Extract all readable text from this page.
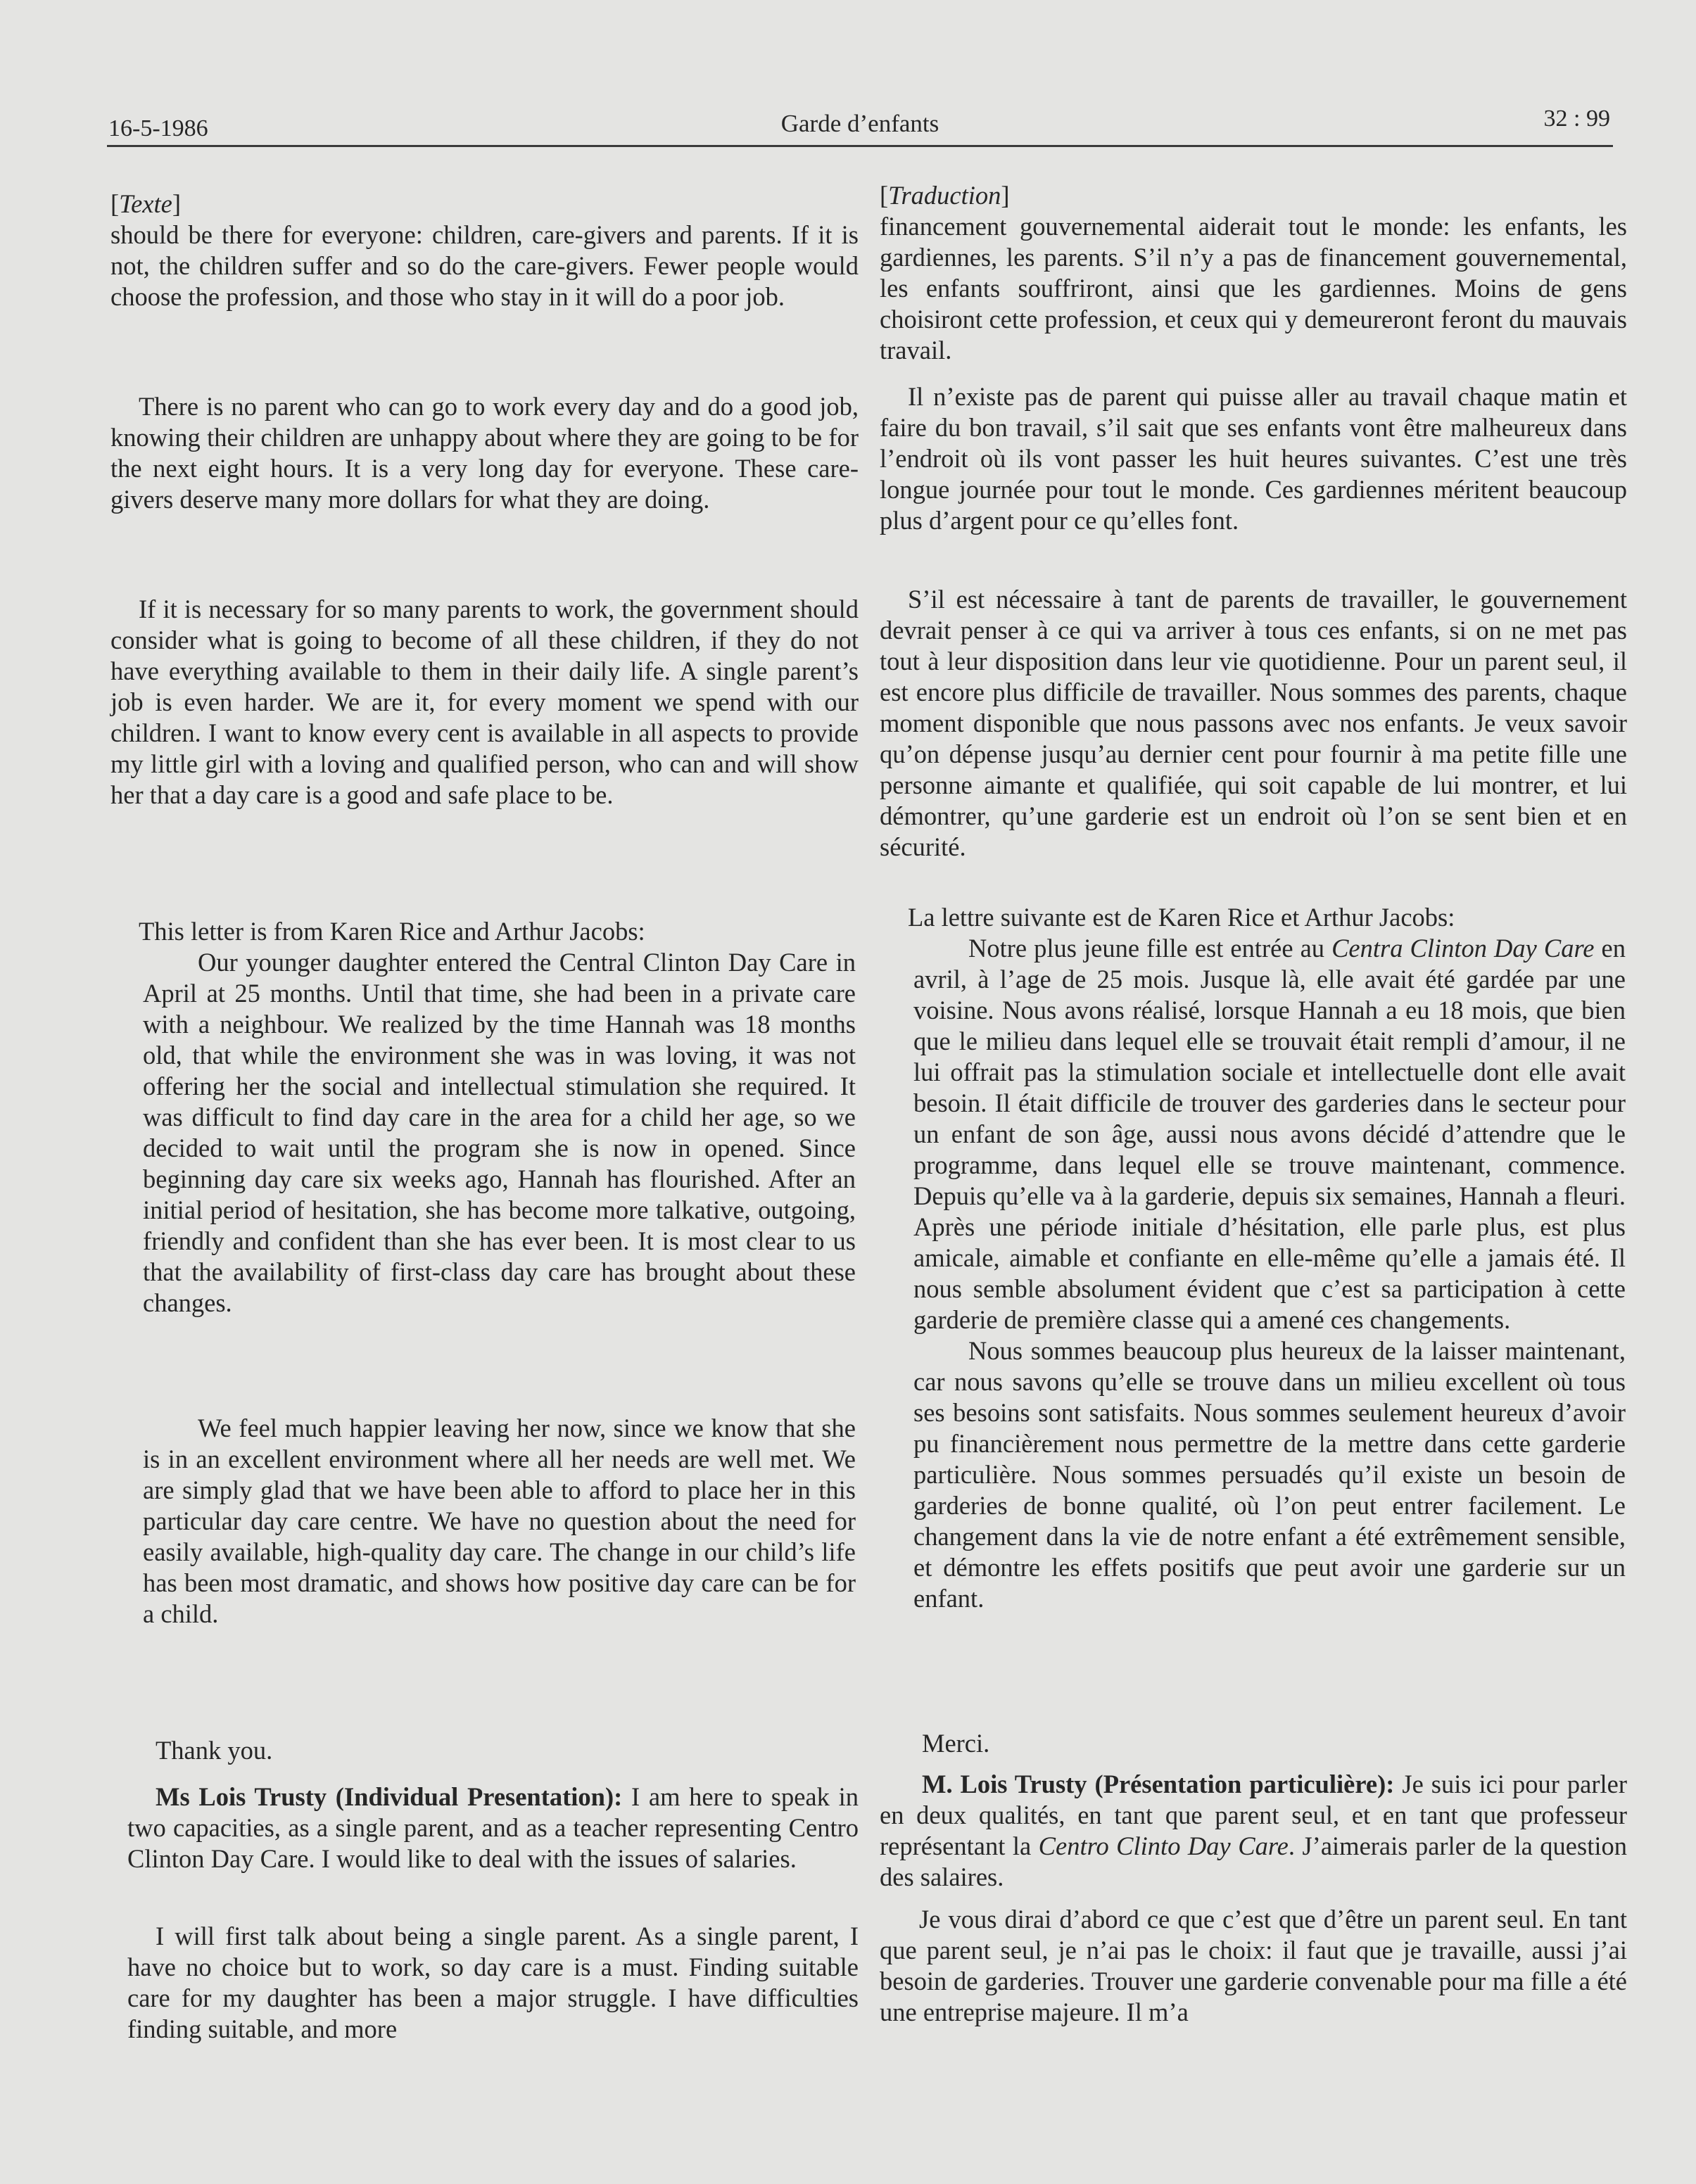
16-5-1986	Garde d’enfants	32 : 99
[Texte]

should be there for everyone: children, care-givers and parents. If it is not, the children suffer and so do the care-givers. Fewer people would choose the profession, and those who stay in it will do a poor job.

There is no parent who can go to work every day and do a good job, knowing their children are unhappy about where they are going to be for the next eight hours. It is a very long day for everyone. These care-givers deserve many more dollars for what they are doing.

If it is necessary for so many parents to work, the government should consider what is going to become of all these children, if they do not have everything available to them in their daily life. A single parent’s job is even harder. We are it, for every moment we spend with our children. I want to know every cent is available in all aspects to provide my little girl with a loving and qualified person, who can and will show her that a day care is a good and safe place to be.

This letter is from Karen Rice and Arthur Jacobs:

Our younger daughter entered the Central Clinton Day Care in April at 25 months. Until that time, she had been in a private care with a neighbour. We realized by the time Hannah was 18 months old, that while the environment she was in was loving, it was not offering her the social and intellectual stimulation she required. It was difficult to find day care in the area for a child her age, so we decided to wait until the program she is now in opened. Since beginning day care six weeks ago, Hannah has flourished. After an initial period of hesitation, she has become more talkative, outgoing, friendly and confident than she has ever been. It is most clear to us that the availability of first-class day care has brought about these changes.

We feel much happier leaving her now, since we know that she is in an excellent environment where all her needs are well met. We are simply glad that we have been able to afford to place her in this particular day care centre. We have no question about the need for easily available, high-quality day care. The change in our child’s life has been most dramatic, and shows how positive day care can be for a child.

Thank you.

Ms Lois Trusty (Individual Presentation): I am here to speak in two capacities, as a single parent, and as a teacher representing Centro Clinton Day Care. I would like to deal with the issues of salaries.

I will first talk about being a single parent. As a single parent, I have no choice but to work, so day care is a must. Finding suitable care for my daughter has been a major struggle. I have difficulties finding suitable, and more

[Traduction]

financement gouvernemental aiderait tout le monde: les enfants, les gardiennes, les parents. S’il n’y a pas de financement gouvernemental, les enfants souffriront, ainsi que les gardiennes. Moins de gens choisiront cette profession, et ceux qui y demeureront feront du mauvais travail.

Il n’existe pas de parent qui puisse aller au travail chaque matin et faire du bon travail, s’il sait que ses enfants vont être malheureux dans l’endroit où ils vont passer les huit heures suivantes. C’est une très longue journée pour tout le monde. Ces gardiennes méritent beaucoup plus d’argent pour ce qu’elles font.

S’il est nécessaire à tant de parents de travailler, le gouvernement devrait penser à ce qui va arriver à tous ces enfants, si on ne met pas tout à leur disposition dans leur vie quotidienne. Pour un parent seul, il est encore plus difficile de travailler. Nous sommes des parents, chaque moment disponible que nous passons avec nos enfants. Je veux savoir qu’on dépense jusqu’au dernier cent pour fournir à ma petite fille une personne aimante et qualifiée, qui soit capable de lui montrer, et lui démontrer, qu’une garderie est un endroit où l’on se sent bien et en sécurité.

La lettre suivante est de Karen Rice et Arthur Jacobs:

Notre plus jeune fille est entrée au Centra Clinton Day Care en avril, à l’age de 25 mois. Jusque là, elle avait été gardée par une voisine. Nous avons réalisé, lorsque Hannah a eu 18 mois, que bien que le milieu dans lequel elle se trouvait était rempli d’amour, il ne lui offrait pas la stimulation sociale et intellectuelle dont elle avait besoin. Il était difficile de trouver des garderies dans le secteur pour un enfant de son âge, aussi nous avons décidé d’attendre que le programme, dans lequel elle se trouve maintenant, commence. Depuis qu’elle va à la garderie, depuis six semaines, Hannah a fleuri. Après une période initiale d’hésitation, elle parle plus, est plus amicale, aimable et confiante en elle-même qu’elle a jamais été. Il nous semble absolument évident que c’est sa participation à cette garderie de première classe qui a amené ces changements.

Nous sommes beaucoup plus heureux de la laisser maintenant, car nous savons qu’elle se trouve dans un milieu excellent où tous ses besoins sont satisfaits. Nous sommes seulement heureux d’avoir pu financièrement nous permettre de la mettre dans cette garderie particulière. Nous sommes persuadés qu’il existe un besoin de garderies de bonne qualité, où l’on peut entrer facilement. Le changement dans la vie de notre enfant a été extrêmement sensible, et démontre les effets positifs que peut avoir une garderie sur un enfant.

Merci.

M. Lois Trusty (Présentation particulière): Je suis ici pour parler en deux qualités, en tant que parent seul, et en tant que professeur représentant la Centro Clinto Day Care. J’aimerais parler de la question des salaires.

Je vous dirai d’abord ce que c’est que d’être un parent seul. En tant que parent seul, je n’ai pas le choix: il faut que je travaille, aussi j’ai besoin de garderies. Trouver une garderie convenable pour ma fille a été une entreprise majeure. Il m’a
